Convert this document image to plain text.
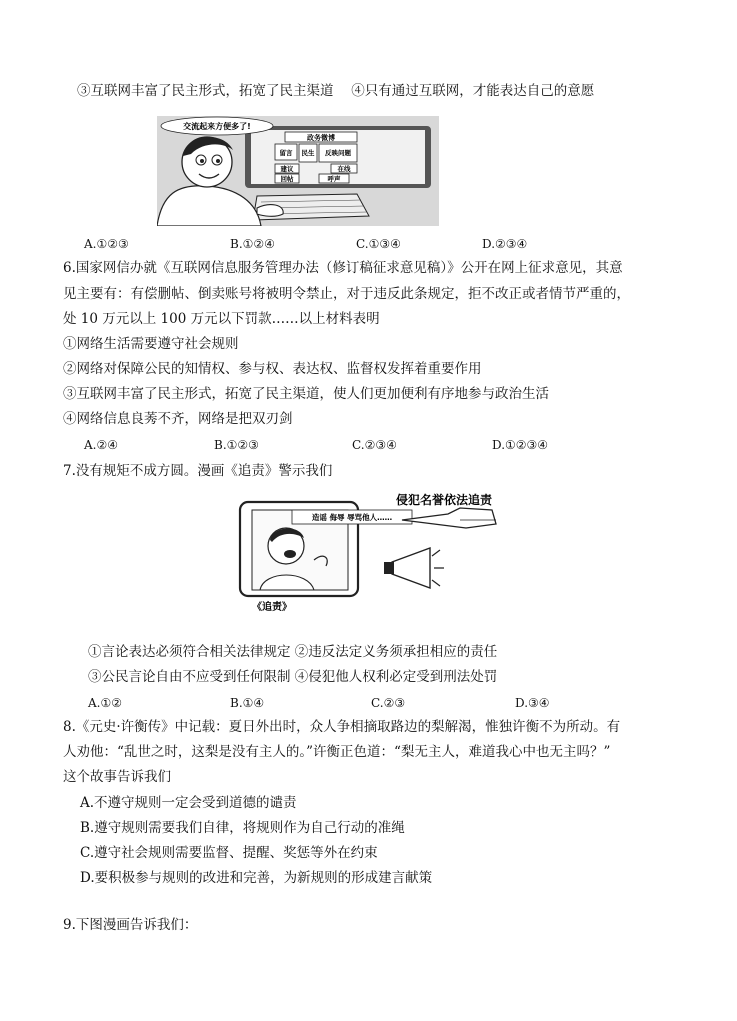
③互联网丰富了民主形式，拓宽了民主渠道　 ④只有通过互联网，才能表达自己的意愿
政务微博
留言 民生 反映问题
建议	在线
回帖	呼声
交流起来方便多了!
A.①②③	B.①②④	C.①③④	D.②③④
6.国家网信办就《互联网信息服务管理办法（修订稿征求意见稿）》公开在网上征求意见，其意
见主要有：有偿删帖、倒卖账号将被明令禁止，对于违反此条规定，拒不改正或者情节严重的，
处 10 万元以上 100 万元以下罚款……以上材料表明
①网络生活需要遵守社会规则
②网络对保障公民的知情权、参与权、表达权、监督权发挥着重要作用
③互联网丰富了民主形式，拓宽了民主渠道，使人们更加便利有序地参与政治生活
④网络信息良莠不齐，网络是把双刃剑
A.②④	B.①②③	C.②③④	D.①②③④
7.没有规矩不成方圆。漫画《追责》警示我们
造谣 侮辱 辱骂他人……
侵犯名誉依法追责
《追责》
①言论表达必须符合相关法律规定 ②违反法定义务须承担相应的责任
③公民言论自由不应受到任何限制 ④侵犯他人权利必定受到刑法处罚
A.①②	B.①④	C.②③	D.③④
8.《元史·许衡传》中记载：夏日外出时，众人争相摘取路边的梨解渴，惟独许衡不为所动。有
人劝他：“乱世之时，这梨是没有主人的。”许衡正色道：“梨无主人，难道我心中也无主吗？”
这个故事告诉我们
A.不遵守规则一定会受到道德的谴责
B.遵守规则需要我们自律，将规则作为自己行动的准绳
C.遵守社会规则需要监督、提醒、奖惩等外在约束
D.要积极参与规则的改进和完善，为新规则的形成建言献策
9.下图漫画告诉我们：
